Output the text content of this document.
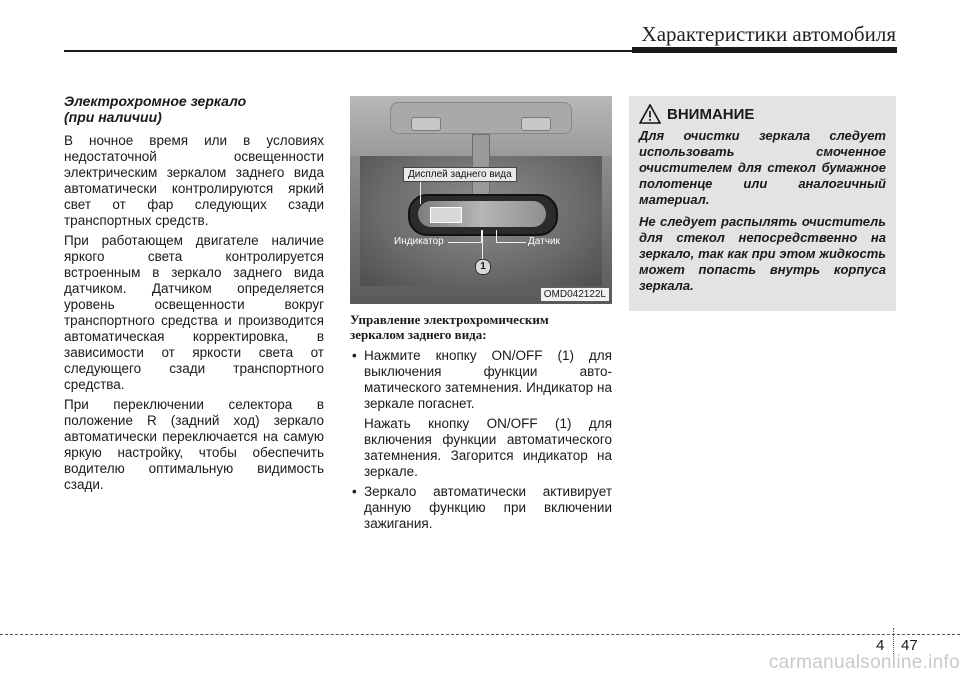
Характеристики автомобиля
Электрохромное зеркало
(при наличии)

В ночное время или в условиях недостаточной освещенности электрическим зеркалом заднего вида автоматически контролируются яркий свет от фар следующих сзади транспортных средств.

При работающем двигателе наличие яркого света контролируется встроенным в зеркало заднего вида датчиком. Датчиком определяется уровень освещенности вокруг транспортного средства и производится автоматическая корректировка, в зависимости от яркости света от следующего сзади транспортного средства.

При переключении селектора в положение R (задний ход) зеркало автоматически переключается на самую яркую настройку, чтобы обеспечить водителю оптимальную видимость сзади.

Дисплей заднего вида
Индикатор	Датчик
1
OMD042122L
Управление электрохромическим
зеркалом заднего вида:
• Нажмите кнопку ON/OFF (1) для выключения функции авто-матического затемнения. Индикатор на зеркале погаснет.

Нажать кнопку ON/OFF (1) для включения функции автоматического затемнения. Загорится индикатор на зеркале.

• Зеркало автоматически активирует данную функцию при включении зажигания.

ВНИМАНИЕ

Для очистки зеркала следует использовать смоченное очистителем для стекол бумажное полотенце или аналогичный материал.

Не следует распылять очиститель для стекол непосредственно на зеркало, так как при этом жидкость может попасть внутрь корпуса зеркала.

4 47
carmanualsonline.info
